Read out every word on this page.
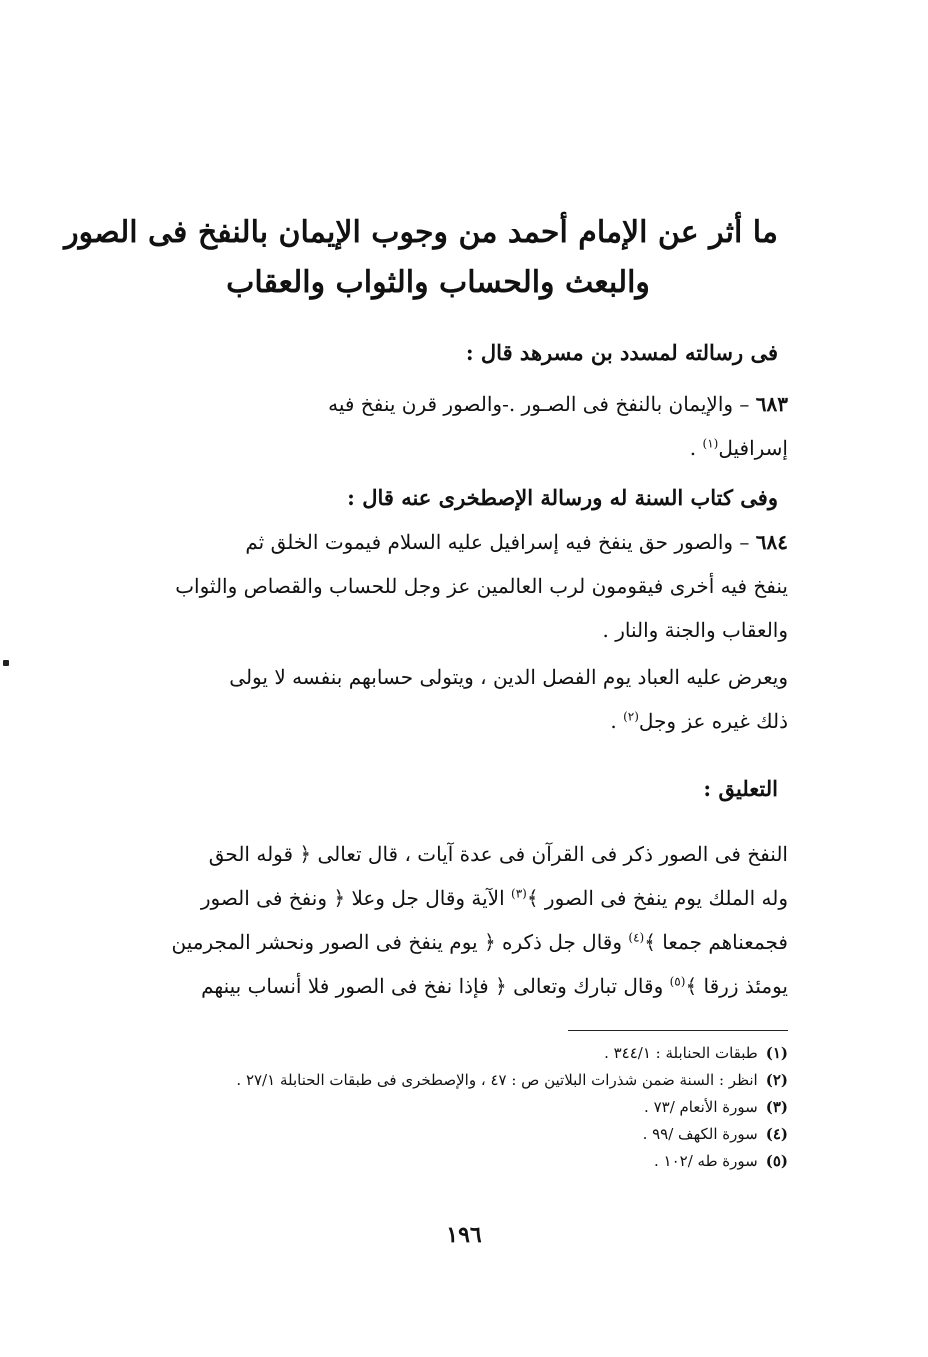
ما أثر عن الإمام أحمد من وجوب الإيمان بالنفخ فى الصور
والبعث والحساب والثواب والعقاب
فى رسالته لمسدد بن مسرهد قال :
٦٨٣ – والإيمان بالنفخ فى الصـور .-والصور قرن ينفخ فيه
إسرافيل$^{(١)}$ .
وفى كتاب السنة له ورسالة الإصطخرى عنه قال :
٦٨٤ – والصور حق ينفخ فيه إسرافيل عليه السلام فيموت الخلق ثم
ينفخ فيه أخرى فيقومون لرب العالمين عز وجل للحساب والقصاص والثواب
والعقاب والجنة والنار .
ويعرض عليه العباد يوم الفصل الدين ، ويتولى حسابهم بنفسه لا يولى
ذلك غيره عز وجل$^{(٢)}$ .
التعليق :
النفخ فى الصور ذكر فى القرآن فى عدة آيات ، قال تعالى ﴿ قوله الحق
وله الملك يوم ينفخ فى الصور ﴾$^{(٣)}$ الآية وقال جل وعلا ﴿ ونفخ فى الصور
فجمعناهم جمعا ﴾$^{(٤)}$ وقال جل ذكره ﴿ يوم ينفخ فى الصور ونحشر المجرمين
يومئذ زرقا ﴾$^{(٥)}$ وقال تبارك وتعالى ﴿ فإذا نفخ فى الصور فلا أنساب بينهم
(١)طبقات الحنابلة : ٣٤٤/١ .
(٢)انظر : السنة ضمن شذرات البلاتين ص : ٤٧ ، والإصطخرى فى طبقات الحنابلة ٢٧/١ .
(٣)سورة الأنعام /٧٣ .
(٤)سورة الكهف /٩٩ .
(٥)سورة طه /١٠٢ .
١٩٦
